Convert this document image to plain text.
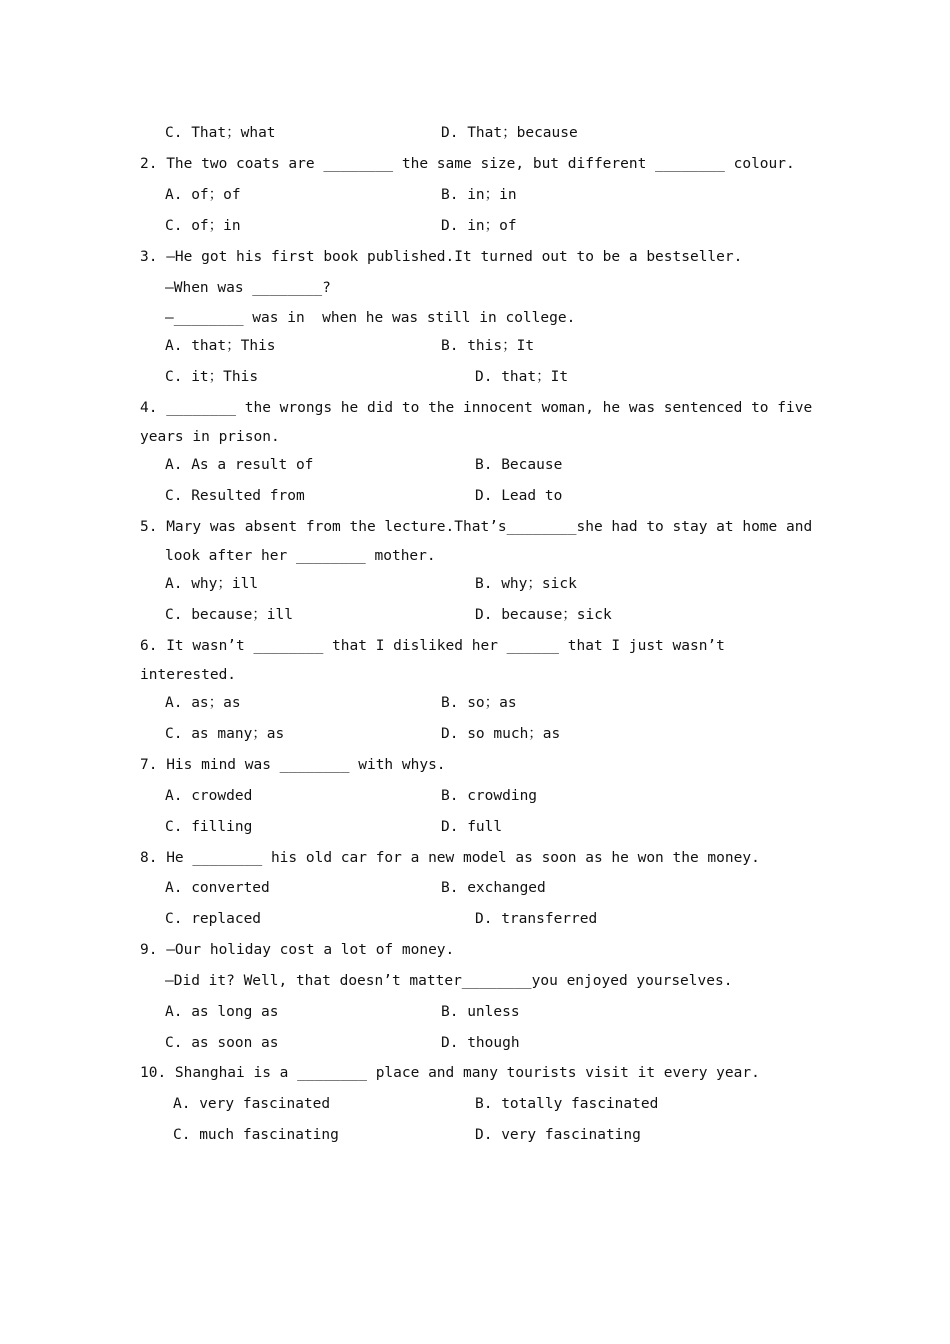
C. That；what	D. That；because
2. The two coats are ________ the same size, but different ________ colour.
A. of；of	B. in；in
C. of；in	D. in；of
3. —He got his first book published.It turned out to be a bestseller.
—When was ________?
—________ was in  when he was still in college.
A. that；This	B. this；It
C. it；This	D. that；It
4. ________ the wrongs he did to the innocent woman, he was sentenced to five
years in prison.
A. As a result of	B. Because
C. Resulted from	D. Lead to
5. Mary was absent from the lecture.That’s________she had to stay at home and
look after her ________ mother.
A. why；ill	B. why；sick
C. because；ill	D. because；sick
6. It wasn’t ________ that I disliked her ______ that I just wasn’t
interested.
A. as；as	B. so；as
C. as many；as	D. so much；as
7. His mind was ________ with whys.
A. crowded	B. crowding
C. filling	D. full
8. He ________ his old car for a new model as soon as he won the money.
A. converted	B. exchanged
C. replaced	D. transferred
9. —Our holiday cost a lot of money.
—Did it? Well, that doesn’t matter________you enjoyed yourselves.
A. as long as	B. unless
C. as soon as	D. though
10. Shanghai is a ________ place and many tourists visit it every year.
A. very fascinated	B. totally fascinated
C. much fascinating	D. very fascinating
